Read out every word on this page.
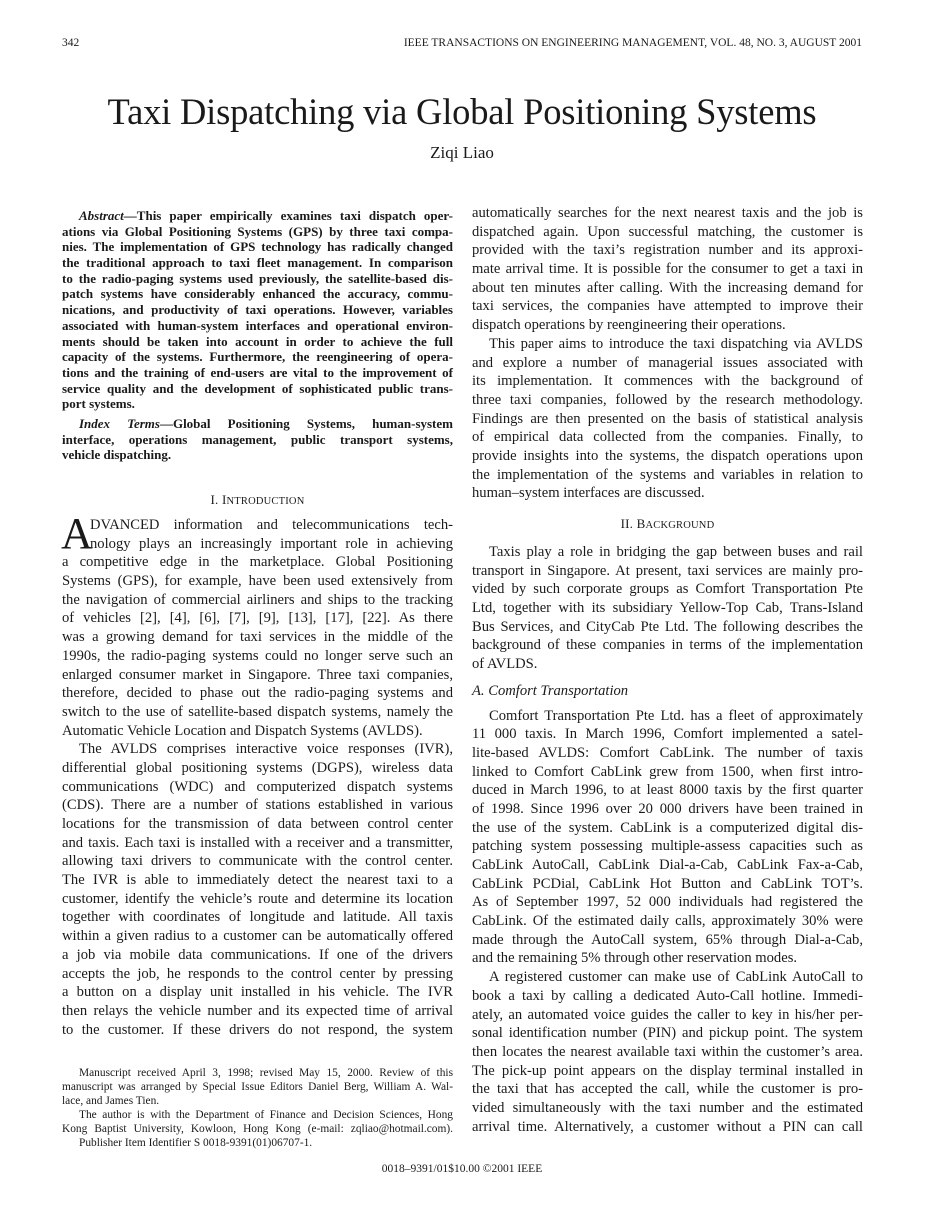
342	IEEE TRANSACTIONS ON ENGINEERING MANAGEMENT, VOL. 48, NO. 3, AUGUST 2001
Taxi Dispatching via Global Positioning Systems
Ziqi Liao
Abstract—This paper empirically examines taxi dispatch oper-
ations via Global Positioning Systems (GPS) by three taxi compa-
nies. The implementation of GPS technology has radically changed
the traditional approach to taxi fleet management. In comparison
to the radio-paging systems used previously, the satellite-based dis-
patch systems have considerably enhanced the accuracy, commu-
nications, and productivity of taxi operations. However, variables
associated with human-system interfaces and operational environ-
ments should be taken into account in order to achieve the full
capacity of the systems. Furthermore, the reengineering of opera-
tions and the training of end-users are vital to the improvement of
service quality and the development of sophisticated public trans-
port systems.
Index Terms—Global Positioning Systems, human-system
interface, operations management, public transport systems,
vehicle dispatching.
I. INTRODUCTION
A
DVANCED information and telecommunications tech-
nology plays an increasingly important role in achieving
a competitive edge in the marketplace. Global Positioning
Systems (GPS), for example, have been used extensively from
the navigation of commercial airliners and ships to the tracking
of vehicles [2], [4], [6], [7], [9], [13], [17], [22]. As there
was a growing demand for taxi services in the middle of the
1990s, the radio-paging systems could no longer serve such an
enlarged consumer market in Singapore. Three taxi companies,
therefore, decided to phase out the radio-paging systems and
switch to the use of satellite-based dispatch systems, namely the
Automatic Vehicle Location and Dispatch Systems (AVLDS).
The AVLDS comprises interactive voice responses (IVR),
differential global positioning systems (DGPS), wireless data
communications (WDC) and computerized dispatch systems
(CDS). There are a number of stations established in various
locations for the transmission of data between control center
and taxis. Each taxi is installed with a receiver and a transmitter,
allowing taxi drivers to communicate with the control center.
The IVR is able to immediately detect the nearest taxi to a
customer, identify the vehicle’s route and determine its location
together with coordinates of longitude and latitude. All taxis
within a given radius to a customer can be automatically offered
a job via mobile data communications. If one of the drivers
accepts the job, he responds to the control center by pressing
a button on a display unit installed in his vehicle. The IVR
then relays the vehicle number and its expected time of arrival
to the customer. If these drivers do not respond, the system
Manuscript received April 3, 1998; revised May 15, 2000. Review of this
manuscript was arranged by Special Issue Editors Daniel Berg, William A. Wal-
lace, and James Tien.
The author is with the Department of Finance and Decision Sciences, Hong
Kong Baptist University, Kowloon, Hong Kong (e-mail: zqliao@hotmail.com).
Publisher Item Identifier S 0018-9391(01)06707-1.
automatically searches for the next nearest taxis and the job is
dispatched again. Upon successful matching, the customer is
provided with the taxi’s registration number and its approxi-
mate arrival time. It is possible for the consumer to get a taxi in
about ten minutes after calling. With the increasing demand for
taxi services, the companies have attempted to improve their
dispatch operations by reengineering their operations.
This paper aims to introduce the taxi dispatching via AVLDS
and explore a number of managerial issues associated with
its implementation. It commences with the background of
three taxi companies, followed by the research methodology.
Findings are then presented on the basis of statistical analysis
of empirical data collected from the companies. Finally, to
provide insights into the systems, the dispatch operations upon
the implementation of the systems and variables in relation to
human–system interfaces are discussed.
II. BACKGROUND
Taxis play a role in bridging the gap between buses and rail
transport in Singapore. At present, taxi services are mainly pro-
vided by such corporate groups as Comfort Transportation Pte
Ltd, together with its subsidiary Yellow-Top Cab, Trans-Island
Bus Services, and CityCab Pte Ltd. The following describes the
background of these companies in terms of the implementation
of AVLDS.
A. Comfort Transportation
Comfort Transportation Pte Ltd. has a fleet of approximately
11 000 taxis. In March 1996, Comfort implemented a satel-
lite-based AVLDS: Comfort CabLink. The number of taxis
linked to Comfort CabLink grew from 1500, when first intro-
duced in March 1996, to at least 8000 taxis by the first quarter
of 1998. Since 1996 over 20 000 drivers have been trained in
the use of the system. CabLink is a computerized digital dis-
patching system possessing multiple-assess capacities such as
CabLink AutoCall, CabLink Dial-a-Cab, CabLink Fax-a-Cab,
CabLink PCDial, CabLink Hot Button and CabLink TOT’s.
As of September 1997, 52 000 individuals had registered the
CabLink. Of the estimated daily calls, approximately 30% were
made through the AutoCall system, 65% through Dial-a-Cab,
and the remaining 5% through other reservation modes.
A registered customer can make use of CabLink AutoCall to
book a taxi by calling a dedicated Auto-Call hotline. Immedi-
ately, an automated voice guides the caller to key in his/her per-
sonal identification number (PIN) and pickup point. The system
then locates the nearest available taxi within the customer’s area.
The pick-up point appears on the display terminal installed in
the taxi that has accepted the call, while the customer is pro-
vided simultaneously with the taxi number and the estimated
arrival time. Alternatively, a customer without a PIN can call
0018–9391/01$10.00 ©2001 IEEE
